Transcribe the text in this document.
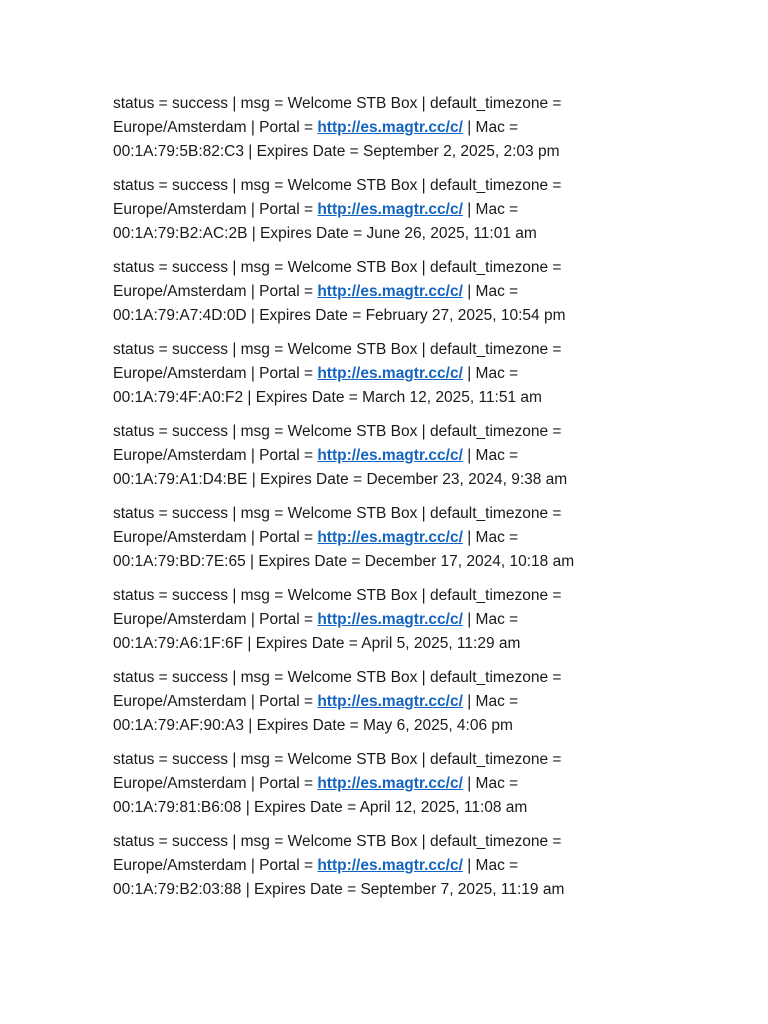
status = success | msg = Welcome STB Box | default_timezone =
Europe/Amsterdam | Portal = http://es.magtr.cc/c/ | Mac =
00:1A:79:5B:82:C3 | Expires Date = September 2, 2025, 2:03 pm
status = success | msg = Welcome STB Box | default_timezone =
Europe/Amsterdam | Portal = http://es.magtr.cc/c/ | Mac =
00:1A:79:B2:AC:2B | Expires Date = June 26, 2025, 11:01 am
status = success | msg = Welcome STB Box | default_timezone =
Europe/Amsterdam | Portal = http://es.magtr.cc/c/ | Mac =
00:1A:79:A7:4D:0D | Expires Date = February 27, 2025, 10:54 pm
status = success | msg = Welcome STB Box | default_timezone =
Europe/Amsterdam | Portal = http://es.magtr.cc/c/ | Mac =
00:1A:79:4F:A0:F2 | Expires Date = March 12, 2025, 11:51 am
status = success | msg = Welcome STB Box | default_timezone =
Europe/Amsterdam | Portal = http://es.magtr.cc/c/ | Mac =
00:1A:79:A1:D4:BE | Expires Date = December 23, 2024, 9:38 am
status = success | msg = Welcome STB Box | default_timezone =
Europe/Amsterdam | Portal = http://es.magtr.cc/c/ | Mac =
00:1A:79:BD:7E:65 | Expires Date = December 17, 2024, 10:18 am
status = success | msg = Welcome STB Box | default_timezone =
Europe/Amsterdam | Portal = http://es.magtr.cc/c/ | Mac =
00:1A:79:A6:1F:6F | Expires Date = April 5, 2025, 11:29 am
status = success | msg = Welcome STB Box | default_timezone =
Europe/Amsterdam | Portal = http://es.magtr.cc/c/ | Mac =
00:1A:79:AF:90:A3 | Expires Date = May 6, 2025, 4:06 pm
status = success | msg = Welcome STB Box | default_timezone =
Europe/Amsterdam | Portal = http://es.magtr.cc/c/ | Mac =
00:1A:79:81:B6:08 | Expires Date = April 12, 2025, 11:08 am
status = success | msg = Welcome STB Box | default_timezone =
Europe/Amsterdam | Portal = http://es.magtr.cc/c/ | Mac =
00:1A:79:B2:03:88 | Expires Date = September 7, 2025, 11:19 am
